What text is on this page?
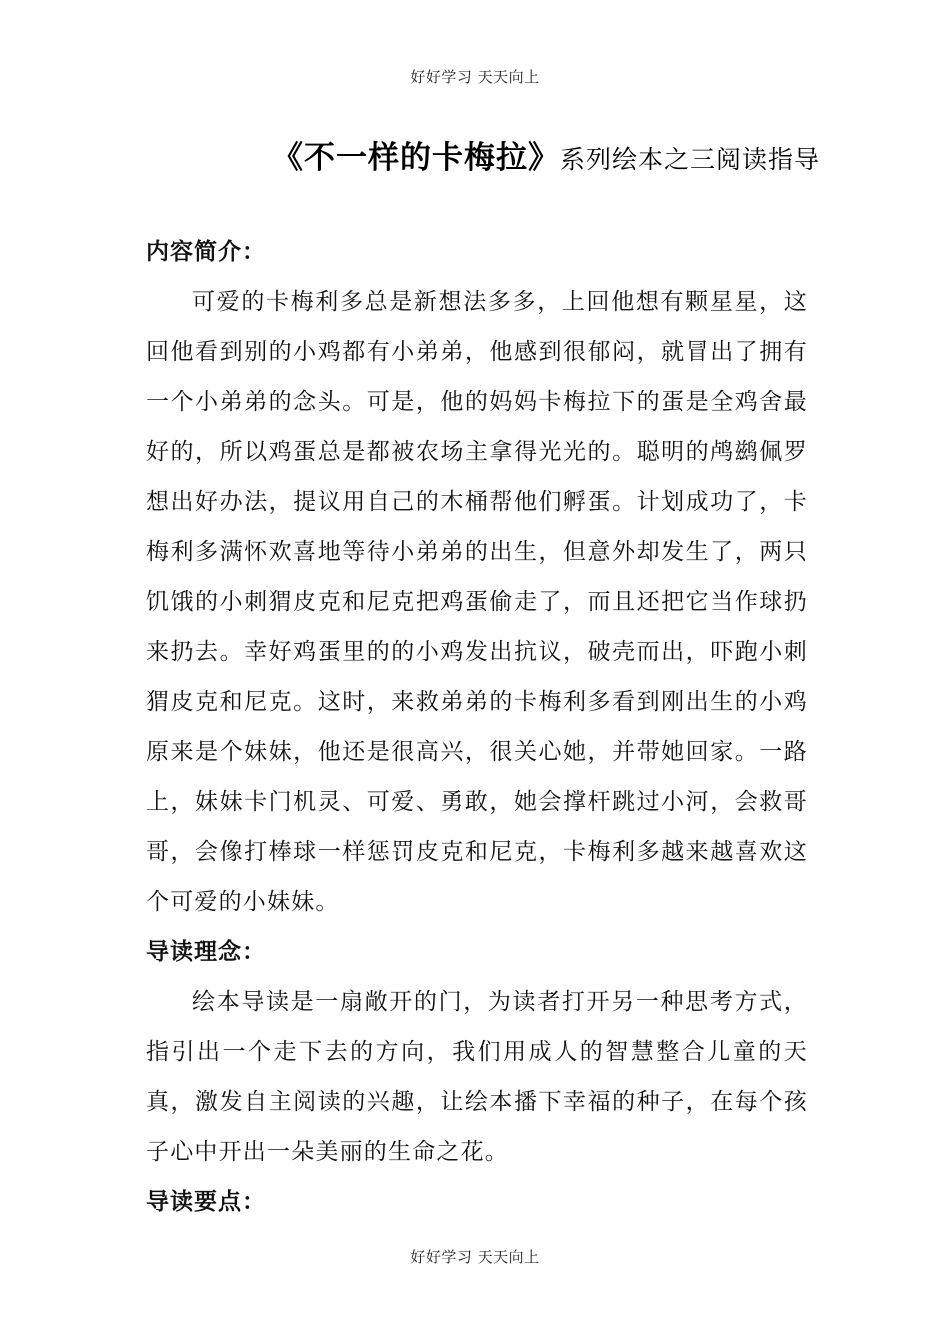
好好学习 天天向上
《不一样的卡梅拉》系列绘本之三阅读指导
内容简介：

可爱的卡梅利多总是新想法多多，上回他想有颗星星，这回他看到别的小鸡都有小弟弟，他感到很郁闷，就冒出了拥有一个小弟弟的念头。可是，他的妈妈卡梅拉下的蛋是全鸡舍最好的，所以鸡蛋总是都被农场主拿得光光的。聪明的鸬鹚佩罗想出好办法，提议用自己的木桶帮他们孵蛋。计划成功了，卡梅利多满怀欢喜地等待小弟弟的出生，但意外却发生了，两只饥饿的小刺猬皮克和尼克把鸡蛋偷走了，而且还把它当作球扔来扔去。幸好鸡蛋里的的小鸡发出抗议，破壳而出，吓跑小刺猬皮克和尼克。这时，来救弟弟的卡梅利多看到刚出生的小鸡原来是个妹妹，他还是很高兴，很关心她，并带她回家。一路上，妹妹卡门机灵、可爱、勇敢，她会撑杆跳过小河，会救哥哥，会像打棒球一样惩罚皮克和尼克，卡梅利多越来越喜欢这个可爱的小妹妹。

导读理念：

绘本导读是一扇敞开的门，为读者打开另一种思考方式，指引出一个走下去的方向，我们用成人的智慧整合儿童的天真，激发自主阅读的兴趣，让绘本播下幸福的种子，在每个孩子心中开出一朵美丽的生命之花。

导读要点：
好好学习 天天向上
